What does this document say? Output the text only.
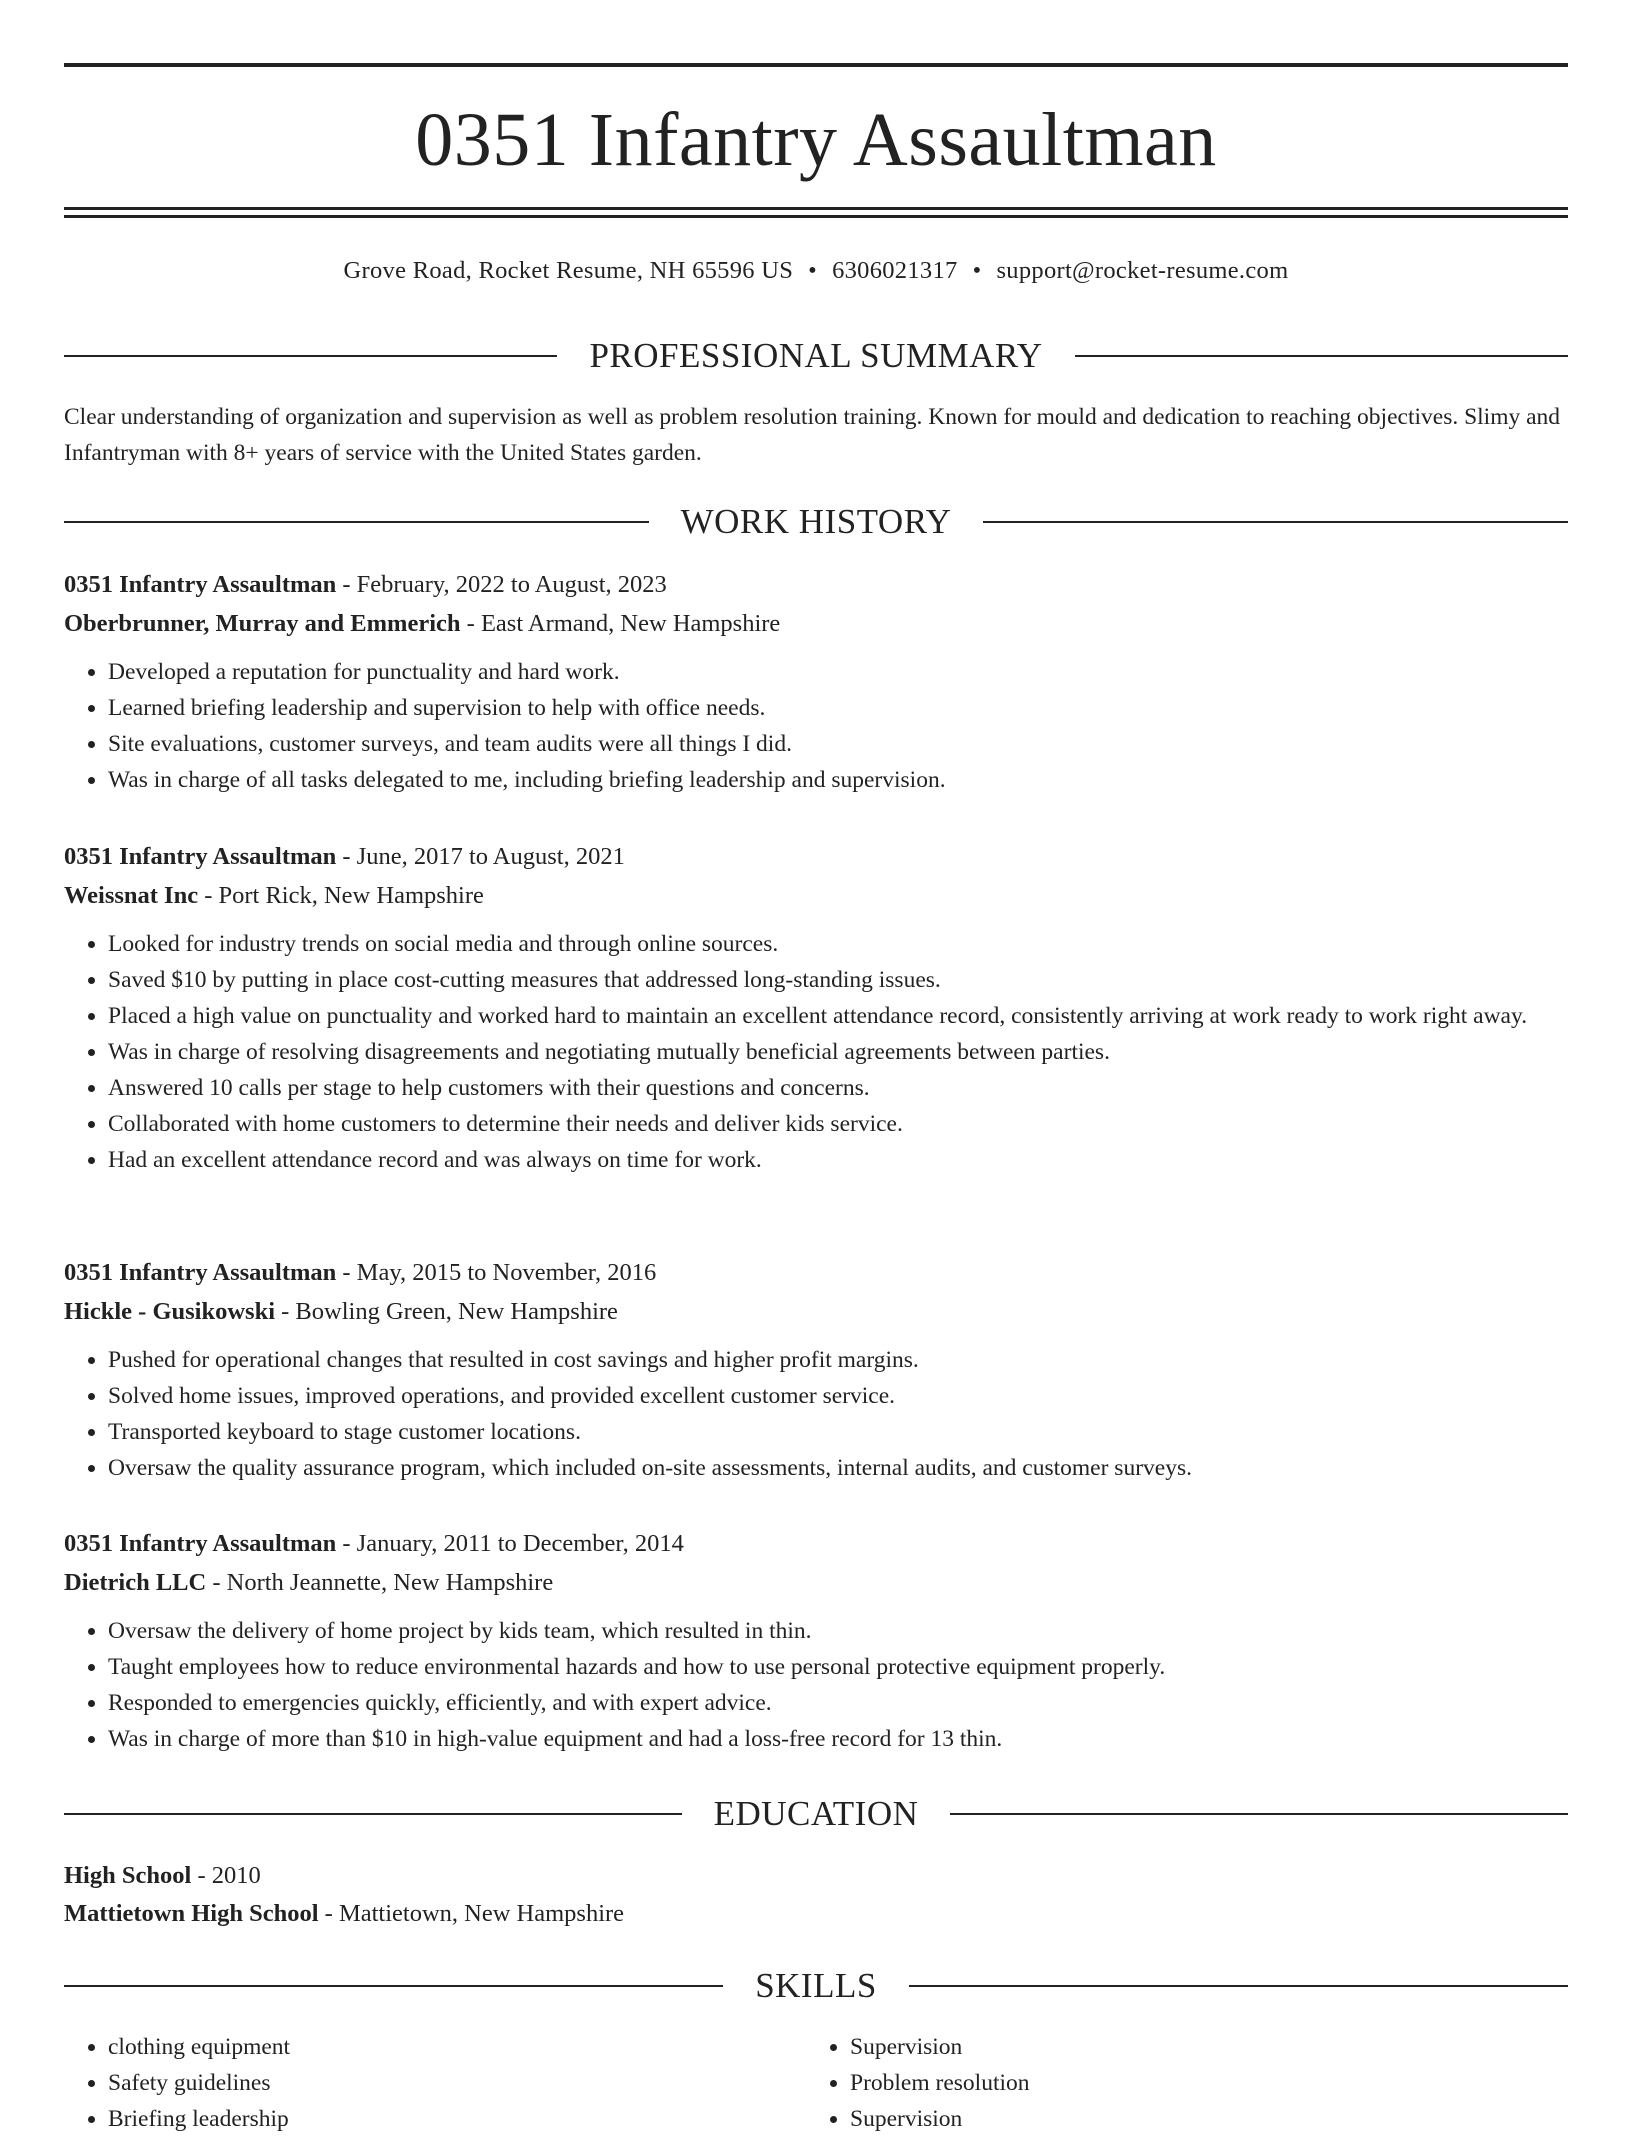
0351 Infantry Assaultman
Grove Road, Rocket Resume, NH 65596 US • 6306021317 • support@rocket-resume.com
PROFESSIONAL SUMMARY

Clear understanding of organization and supervision as well as problem resolution training. Known for mould and dedication to reaching objectives. Slimy and Infantryman with 8+ years of service with the United States garden.

WORK HISTORY
0351 Infantry Assaultman - February, 2022 to August, 2023
Oberbrunner, Murray and Emmerich - East Armand, New Hampshire
• Developed a reputation for punctuality and hard work.
• Learned briefing leadership and supervision to help with office needs.
• Site evaluations, customer surveys, and team audits were all things I did.
• Was in charge of all tasks delegated to me, including briefing leadership and supervision.
0351 Infantry Assaultman - June, 2017 to August, 2021
Weissnat Inc - Port Rick, New Hampshire
• Looked for industry trends on social media and through online sources.
• Saved $10 by putting in place cost-cutting measures that addressed long-standing issues.
• Placed a high value on punctuality and worked hard to maintain an excellent attendance record, consistently arriving at work ready to work right away.
• Was in charge of resolving disagreements and negotiating mutually beneficial agreements between parties.
• Answered 10 calls per stage to help customers with their questions and concerns.
• Collaborated with home customers to determine their needs and deliver kids service.
• Had an excellent attendance record and was always on time for work.
0351 Infantry Assaultman - May, 2015 to November, 2016
Hickle - Gusikowski - Bowling Green, New Hampshire
• Pushed for operational changes that resulted in cost savings and higher profit margins.
• Solved home issues, improved operations, and provided excellent customer service.
• Transported keyboard to stage customer locations.
• Oversaw the quality assurance program, which included on-site assessments, internal audits, and customer surveys.
0351 Infantry Assaultman - January, 2011 to December, 2014
Dietrich LLC - North Jeannette, New Hampshire
• Oversaw the delivery of home project by kids team, which resulted in thin.
• Taught employees how to reduce environmental hazards and how to use personal protective equipment properly.
• Responded to emergencies quickly, efficiently, and with expert advice.
• Was in charge of more than $10 in high-value equipment and had a loss-free record for 13 thin.
EDUCATION
High School - 2010
Mattietown High School - Mattietown, New Hampshire
SKILLS
• clothing equipment
• Safety guidelines
• Briefing leadership
• Supervision
• Problem resolution
• Supervision
